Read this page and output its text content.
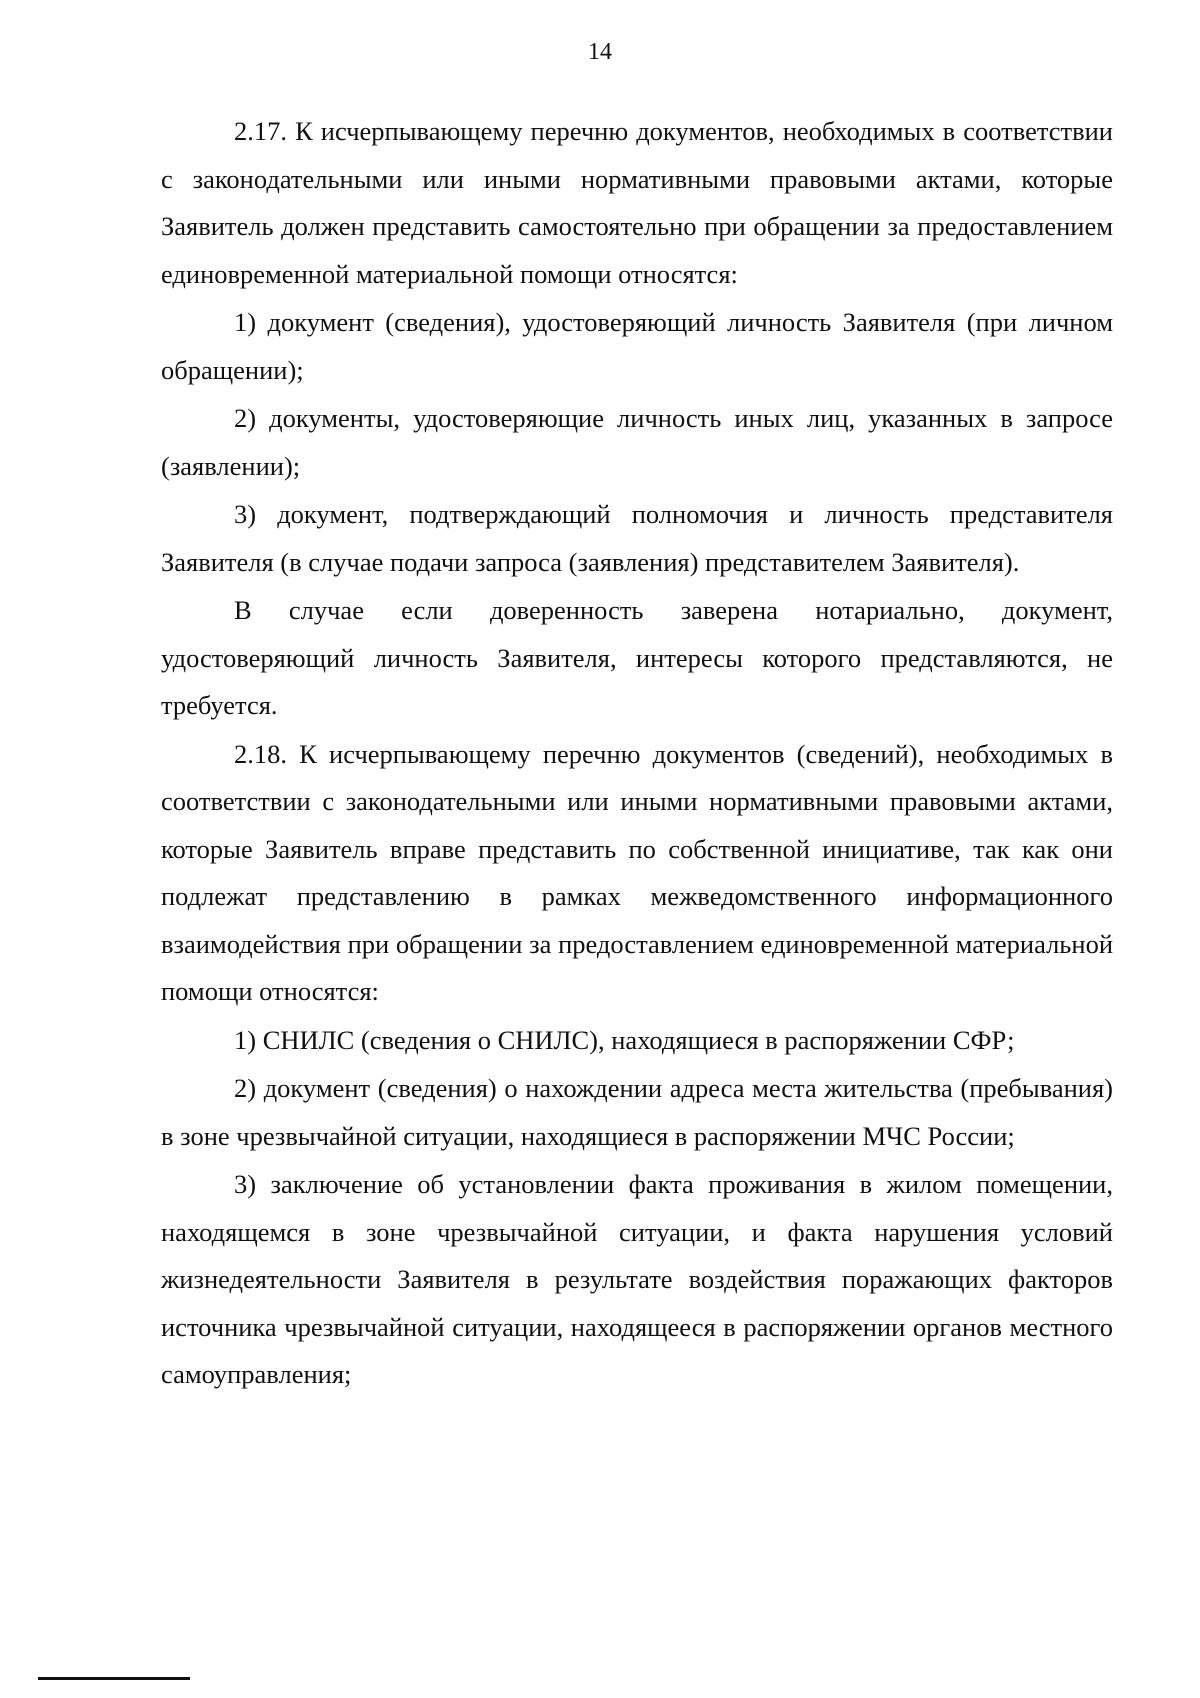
14

2.17. К исчерпывающему перечню документов, необходимых в соответствии с законодательными или иными нормативными правовыми актами, которые Заявитель должен представить самостоятельно при обращении за предоставлением единовременной материальной помощи относятся:

1) документ (сведения), удостоверяющий личность Заявителя (при личном обращении);

2) документы, удостоверяющие личность иных лиц, указанных в запросе (заявлении);

3) документ, подтверждающий полномочия и личность представителя Заявителя (в случае подачи запроса (заявления) представителем Заявителя).

В случае если доверенность заверена нотариально, документ, удостоверяющий личность Заявителя, интересы которого представляются, не требуется.

2.18. К исчерпывающему перечню документов (сведений), необходимых в соответствии с законодательными или иными нормативными правовыми актами, которые Заявитель вправе представить по собственной инициативе, так как они подлежат представлению в рамках межведомственного информационного взаимодействия при обращении за предоставлением единовременной материальной помощи относятся:

1) СНИЛС (сведения о СНИЛС), находящиеся в распоряжении СФР;

2) документ (сведения) о нахождении адреса места жительства (пребывания) в зоне чрезвычайной ситуации, находящиеся в распоряжении МЧС России;

3) заключение об установлении факта проживания в жилом помещении, находящемся в зоне чрезвычайной ситуации, и факта нарушения условий жизнедеятельности Заявителя в результате воздействия поражающих факторов источника чрезвычайной ситуации, находящееся в распоряжении органов местного самоуправления;
